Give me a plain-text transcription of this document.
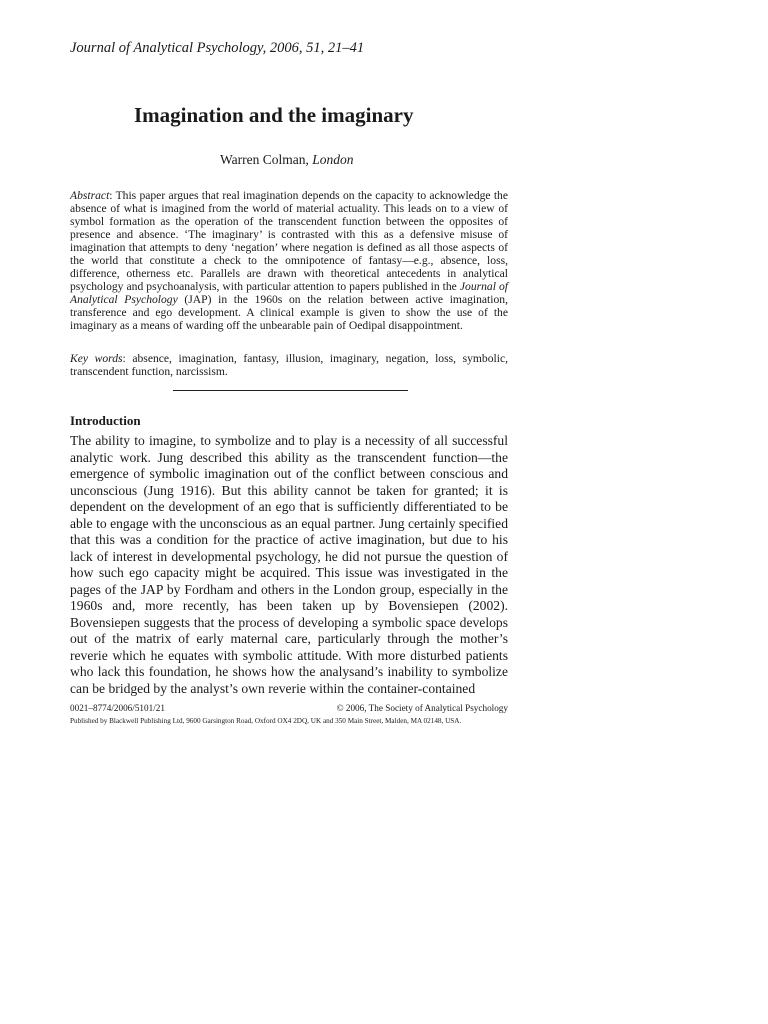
Journal of Analytical Psychology, 2006, 51, 21–41
Imagination and the imaginary
Warren Colman, London

Abstract: This paper argues that real imagination depends on the capacity to acknowledge the absence of what is imagined from the world of material actuality. This leads on to a view of symbol formation as the operation of the transcendent function between the opposites of presence and absence. ‘The imaginary’ is contrasted with this as a defensive misuse of imagination that attempts to deny ‘negation’ where negation is defined as all those aspects of the world that constitute a check to the omnipotence of fantasy—e.g., absence, loss, difference, otherness etc. Parallels are drawn with theoretical antecedents in analytical psychology and psychoanalysis, with particular attention to papers published in the Journal of Analytical Psychology (JAP) in the 1960s on the relation between active imagination, transference and ego development. A clinical example is given to show the use of the imaginary as a means of warding off the unbearable pain of Oedipal disappointment.

Key words: absence, imagination, fantasy, illusion, imaginary, negation, loss, symbolic, transcendent function, narcissism.

Introduction

The ability to imagine, to symbolize and to play is a necessity of all successful analytic work. Jung described this ability as the transcendent function—the emergence of symbolic imagination out of the conflict between conscious and unconscious (Jung 1916). But this ability cannot be taken for granted; it is dependent on the development of an ego that is sufficiently differentiated to be able to engage with the unconscious as an equal partner. Jung certainly specified that this was a condition for the practice of active imagination, but due to his lack of interest in developmental psychology, he did not pursue the question of how such ego capacity might be acquired. This issue was investigated in the pages of the JAP by Fordham and others in the London group, especially in the 1960s and, more recently, has been taken up by Bovensiepen (2002). Bovensiepen suggests that the process of developing a symbolic space develops out of the matrix of early maternal care, particularly through the mother’s reverie which he equates with symbolic attitude. With more disturbed patients who lack this foundation, he shows how the analysand’s inability to symbolize can be bridged by the analyst’s own reverie within the container-contained

0021–8774/2006/5101/21	© 2006, The Society of Analytical Psychology
Published by Blackwell Publishing Ltd, 9600 Garsington Road, Oxford OX4 2DQ, UK and 350 Main Street, Malden, MA 02148, USA.
